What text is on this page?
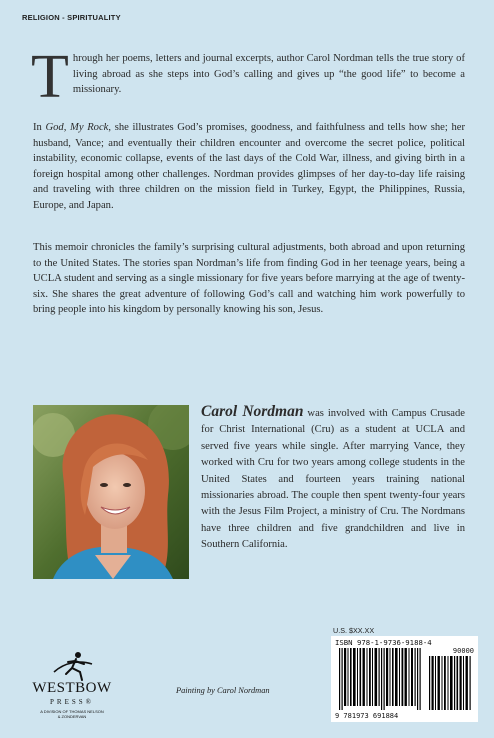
RELIGION - SPIRITUALITY

Through her poems, letters and journal excerpts, author Carol Nordman tells the true story of living abroad as she steps into God’s calling and gives up “the good life” to become a missionary.

In God, My Rock, she illustrates God’s promises, goodness, and faithfulness and tells how she; her husband, Vance; and eventually their children encounter and overcome the secret police, political instability, economic collapse, events of the last days of the Cold War, illness, and giving birth in a foreign hospital among other challenges. Nordman provides glimpses of her day-to-day life raising and traveling with three children on the mission field in Turkey, Egypt, the Philippines, Russia, Europe, and Japan.

This memoir chronicles the family’s surprising cultural adjustments, both abroad and upon returning to the United States. The stories span Nordman’s life from finding God in her teenage years, being a UCLA student and serving as a single missionary for five years before marrying at the age of twenty-six. She shares the great adventure of following God’s call and watching him work powerfully to bring people into his kingdom by personally knowing his son, Jesus.

Carol Nordman was involved with Campus Crusade for Christ International (Cru) as a student at UCLA and served five years while single. After marrying Vance, they worked with Cru for two years among college students in the United States and fourteen years training national missionaries abroad. The couple then spent twenty-four years with the Jesus Film Project, a ministry of Cru. The Nordmans have three children and five grandchildren and live in Southern California.

WESTBOW
PRESS®
A DIVISION OF THOMAS NELSON
& ZONDERVAN
Painting by Carol Nordman
U.S. $XX.XX
ISBN 978-1-9736-9188-4
90000
9 781973 691884
